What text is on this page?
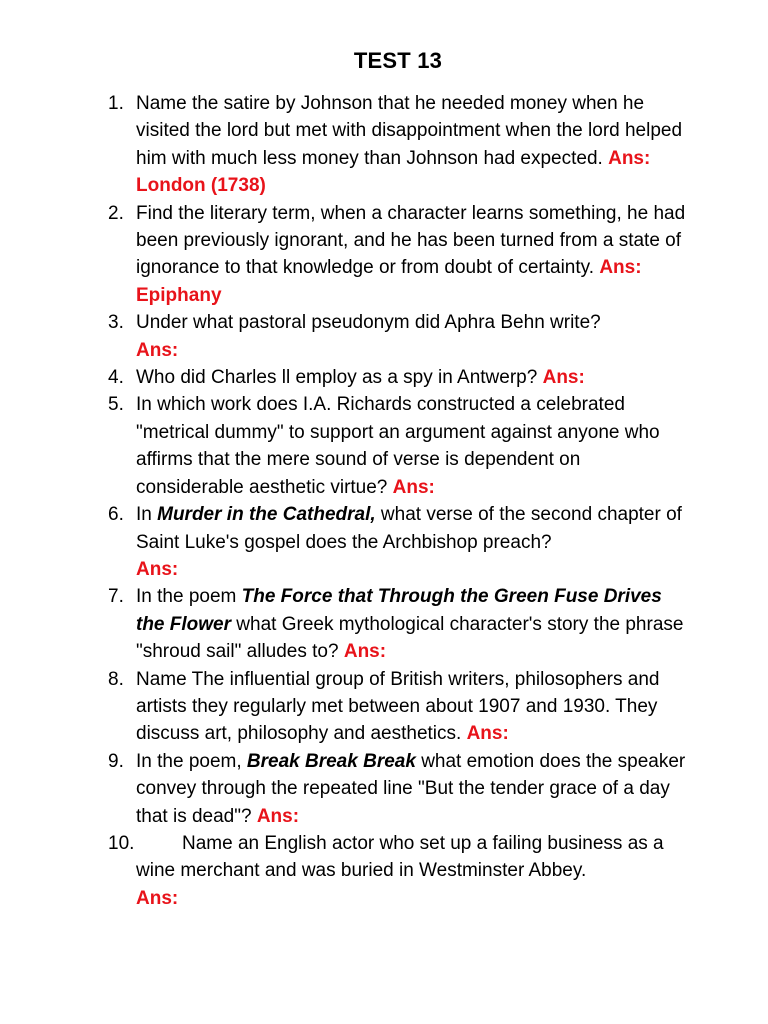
TEST 13
1. Name the satire by Johnson that he needed money when he visited the lord but met with disappointment when the lord helped him with much less money than Johnson had expected. Ans: London (1738)
2. Find the literary term, when a character learns something, he had been previously ignorant, and he has been turned from a state of ignorance to that knowledge or from doubt of certainty. Ans: Epiphany
3. Under what pastoral pseudonym did Aphra Behn write?
Ans:
4. Who did Charles ll employ as a spy in Antwerp? Ans:
5. In which work does I.A. Richards constructed a celebrated "metrical dummy" to support an argument against anyone who affirms that the mere sound of verse is dependent on considerable aesthetic virtue? Ans:
6. In Murder in the Cathedral, what verse of the second chapter of Saint Luke's gospel does the Archbishop preach?
Ans:
7. In the poem The Force that Through the Green Fuse Drives the Flower what Greek mythological character's story the phrase "shroud sail" alludes to? Ans:
8. Name The influential group of British writers, philosophers and artists they regularly met between about 1907 and 1930. They discuss art, philosophy and aesthetics. Ans:
9. In the poem, Break Break Break what emotion does the speaker convey through the repeated line "But the tender grace of a day that is dead"? Ans:
10.	Name an English actor who set up a failing business as a wine merchant and was buried in Westminster Abbey.
Ans:
